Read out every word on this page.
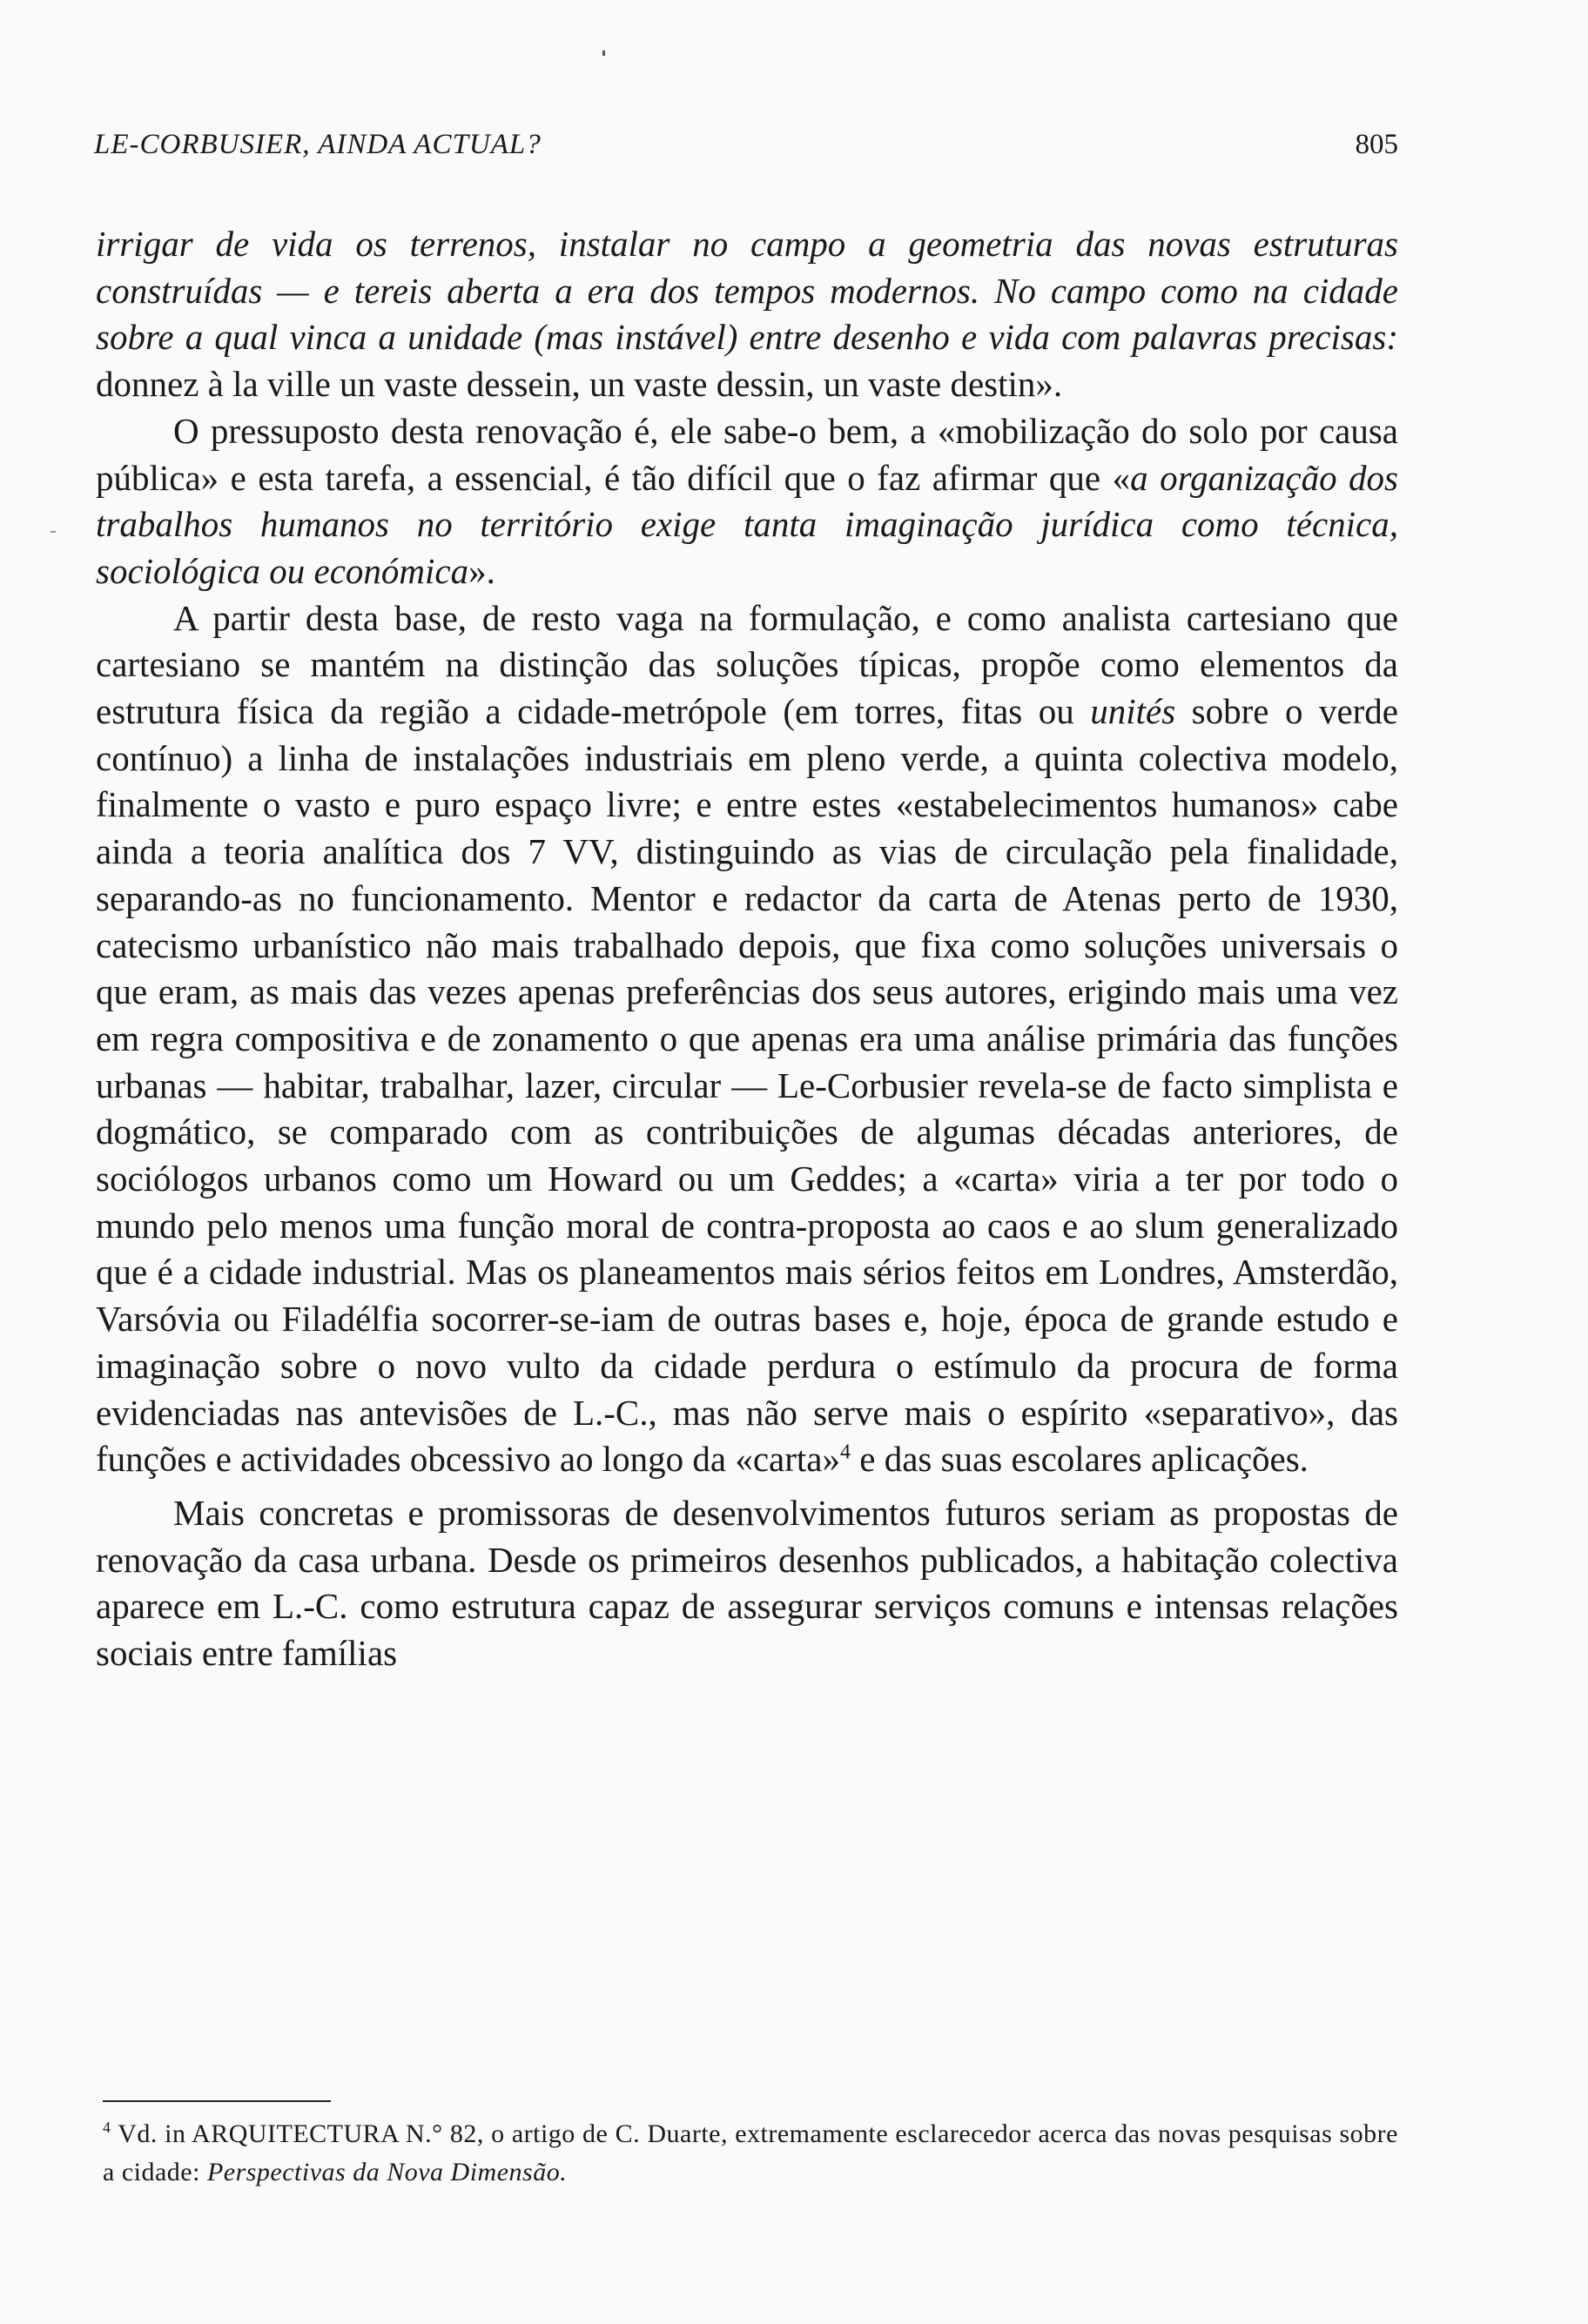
LE-CORBUSIER, AINDA ACTUAL?	805

irrigar de vida os terrenos, instalar no campo a geometria das novas estruturas construídas — e tereis aberta a era dos tempos modernos. No campo como na cidade sobre a qual vinca a unidade (mas instável) entre desenho e vida com palavras precisas: donnez à la ville un vaste dessein, un vaste dessin, un vaste destin».

O pressuposto desta renovação é, ele sabe-o bem, a «mobilização do solo por causa pública» e esta tarefa, a essencial, é tão difícil que o faz afirmar que «a organização dos trabalhos humanos no território exige tanta imaginação jurídica como técnica, sociológica ou económica».

A partir desta base, de resto vaga na formulação, e como analista cartesiano que cartesiano se mantém na distinção das soluções típicas, propõe como elementos da estrutura física da região a cidade-metrópole (em torres, fitas ou unités sobre o verde contínuo) a linha de instalações industriais em pleno verde, a quinta colectiva modelo, finalmente o vasto e puro espaço livre; e entre estes «estabelecimentos humanos» cabe ainda a teoria analítica dos 7 VV, distinguindo as vias de circulação pela finalidade, separando-as no funcionamento. Mentor e redactor da carta de Atenas perto de 1930, catecismo urbanístico não mais trabalhado depois, que fixa como soluções universais o que eram, as mais das vezes apenas preferências dos seus autores, erigindo mais uma vez em regra compositiva e de zonamento o que apenas era uma análise primária das funções urbanas — habitar, trabalhar, lazer, circular — Le-Corbusier revela-se de facto simplista e dogmático, se comparado com as contribuições de algumas décadas anteriores, de sociólogos urbanos como um Howard ou um Geddes; a «carta» viria a ter por todo o mundo pelo menos uma função moral de contra-proposta ao caos e ao slum generalizado que é a cidade industrial. Mas os planeamentos mais sérios feitos em Londres, Amsterdão, Varsóvia ou Filadélfia socorrer-se-iam de outras bases e, hoje, época de grande estudo e imaginação sobre o novo vulto da cidade perdura o estímulo da procura de forma evidenciadas nas antevisões de L.-C., mas não serve mais o espírito «separativo», das funções e actividades obcessivo ao longo da «carta»$^4$ e das suas escolares aplicações.

Mais concretas e promissoras de desenvolvimentos futuros seriam as propostas de renovação da casa urbana. Desde os primeiros desenhos publicados, a habitação colectiva aparece em L.-C. como estrutura capaz de assegurar serviços comuns e intensas relações sociais entre famílias

$^4$ Vd. in ARQUITECTURA N.° 82, o artigo de C. Duarte, extremamente esclarecedor acerca das novas pesquisas sobre a cidade: Perspectivas da Nova Dimensão.
